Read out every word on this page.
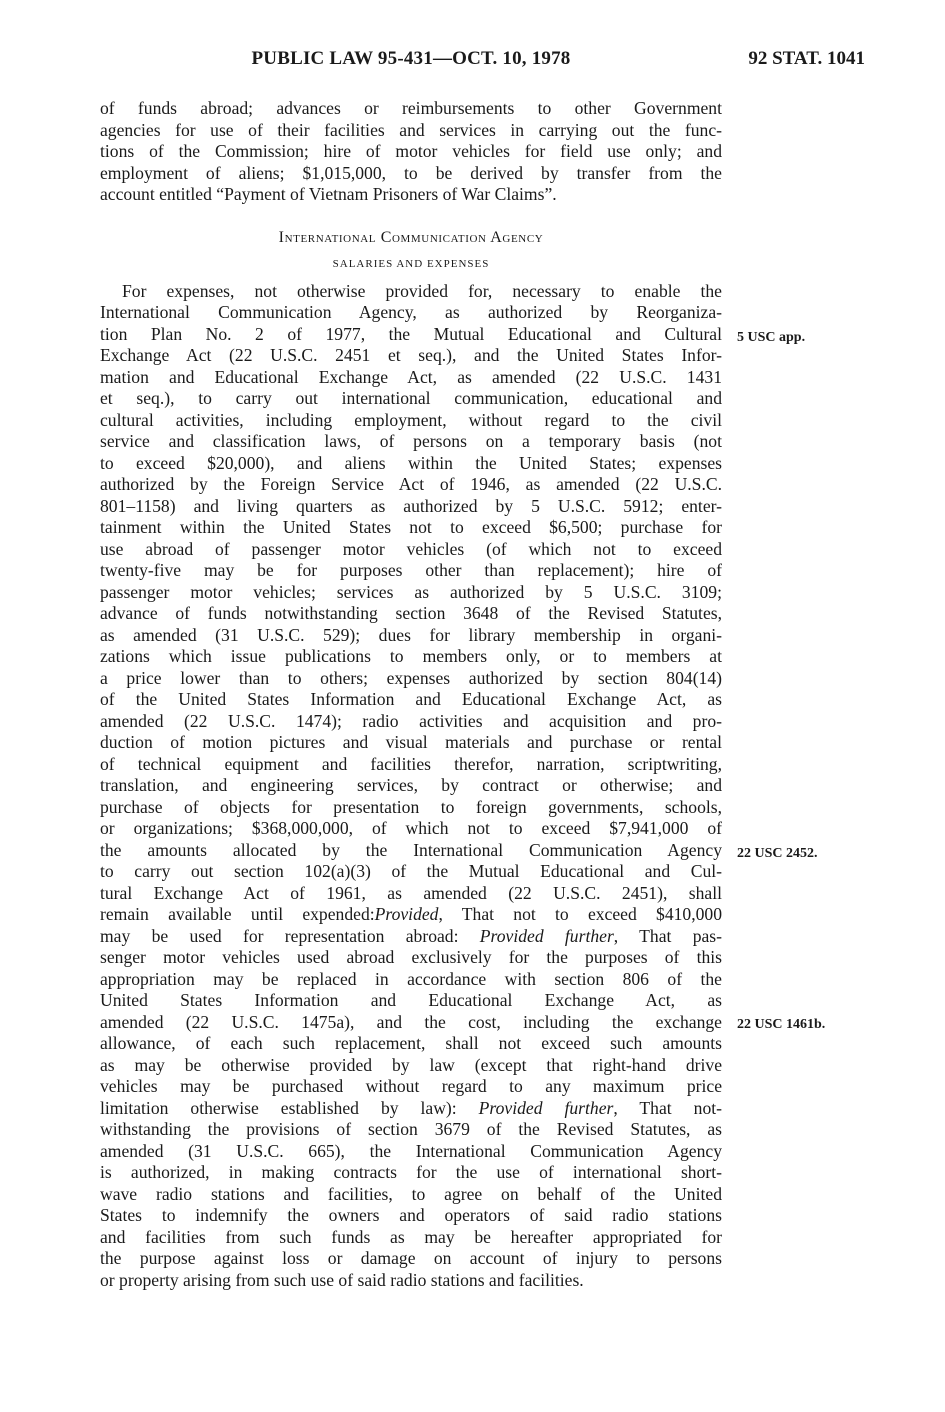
PUBLIC LAW 95-431—OCT. 10, 1978	92 STAT. 1041

of funds abroad; advances or reimbursements to other Government
agencies for use of their facilities and services in carrying out the func-
tions of the Commission; hire of motor vehicles for field use only; and
employment of aliens; $1,015,000, to be derived by transfer from the
account entitled “Payment of Vietnam Prisoners of War Claims”.

International Communication Agency
SALARIES AND EXPENSES

For expenses, not otherwise provided for, necessary to enable the
International Communication Agency, as authorized by Reorganiza-
tion Plan No. 2 of 1977, the Mutual Educational and Cultural
Exchange Act (22 U.S.C. 2451 et seq.), and the United States Infor-
mation and Educational Exchange Act, as amended (22 U.S.C. 1431
et seq.), to carry out international communication, educational and
cultural activities, including employment, without regard to the civil
service and classification laws, of persons on a temporary basis (not
to exceed $20,000), and aliens within the United States; expenses
authorized by the Foreign Service Act of 1946, as amended (22 U.S.C.
801–1158) and living quarters as authorized by 5 U.S.C. 5912; enter-
tainment within the United States not to exceed $6,500; purchase for
use abroad of passenger motor vehicles (of which not to exceed
twenty-five may be for purposes other than replacement); hire of
passenger motor vehicles; services as authorized by 5 U.S.C. 3109;
advance of funds notwithstanding section 3648 of the Revised Statutes,
as amended (31 U.S.C. 529); dues for library membership in organi-
zations which issue publications to members only, or to members at
a price lower than to others; expenses authorized by section 804(14)
of the United States Information and Educational Exchange Act, as
amended (22 U.S.C. 1474); radio activities and acquisition and pro-
duction of motion pictures and visual materials and purchase or rental
of technical equipment and facilities therefor, narration, scriptwriting,
translation, and engineering services, by contract or otherwise; and
purchase of objects for presentation to foreign governments, schools,
or organizations; $368,000,000, of which not to exceed $7,941,000 of
the amounts allocated by the International Communication Agency
to carry out section 102(a)(3) of the Mutual Educational and Cul-
tural Exchange Act of 1961, as amended (22 U.S.C. 2451), shall
remain available until expended:Provided, That not to exceed $410,000
may be used for representation abroad: Provided further, That pas-
senger motor vehicles used abroad exclusively for the purposes of this
appropriation may be replaced in accordance with section 806 of the
United States Information and Educational Exchange Act, as
amended (22 U.S.C. 1475a), and the cost, including the exchange
allowance, of each such replacement, shall not exceed such amounts
as may be otherwise provided by law (except that right-hand drive
vehicles may be purchased without regard to any maximum price
limitation otherwise established by law): Provided further, That not-
withstanding the provisions of section 3679 of the Revised Statutes, as
amended (31 U.S.C. 665), the International Communication Agency
is authorized, in making contracts for the use of international short-
wave radio stations and facilities, to agree on behalf of the United
States to indemnify the owners and operators of said radio stations
and facilities from such funds as may be hereafter appropriated for
the purpose against loss or damage on account of injury to persons
or property arising from such use of said radio stations and facilities.

5 USC app.
22 USC 2452.
22 USC 1461b.
